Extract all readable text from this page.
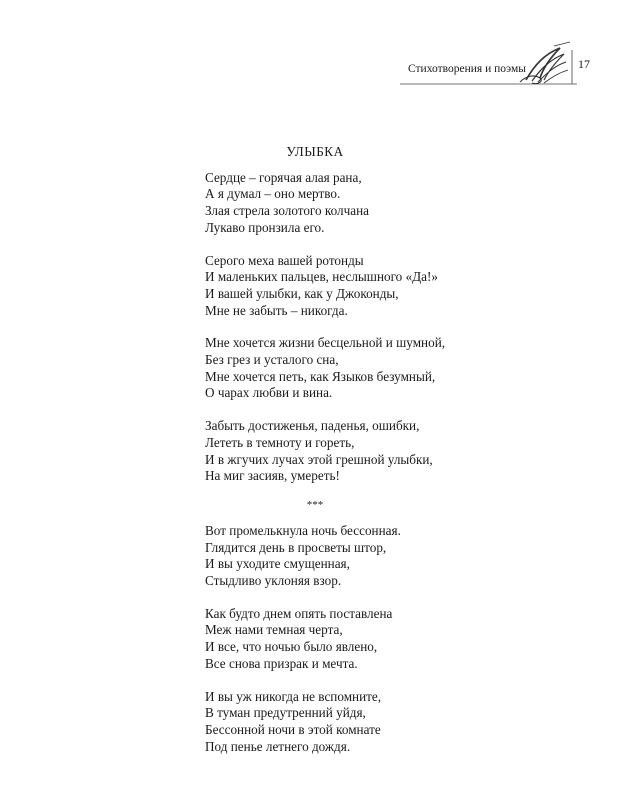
Стихотворения и поэмы	17
УЛЫБКА
Сердце – горячая алая рана,
А я думал – оно мертво.
Злая стрела золотого колчана
Лукаво пронзила его.
Серого меха вашей ротонды
И маленьких пальцев, неслышного «Да!»
И вашей улыбки, как у Джоконды,
Мне не забыть – никогда.
Мне хочется жизни бесцельной и шумной,
Без грез и усталого сна,
Мне хочется петь, как Языков безумный,
О чарах любви и вина.
Забыть достиженья, паденья, ошибки,
Лететь в темноту и гореть,
И в жгучих лучах этой грешной улыбки,
На миг засияв, умереть!
***
Вот промелькнула ночь бессонная.
Глядится день в просветы штор,
И вы уходите смущенная,
Стыдливо уклоняя взор.
Как будто днем опять поставлена
Меж нами темная черта,
И все, что ночью было явлено,
Все снова призрак и мечта.
И вы уж никогда не вспомните,
В туман предутренний уйдя,
Бессонной ночи в этой комнате
Под пенье летнего дождя.
